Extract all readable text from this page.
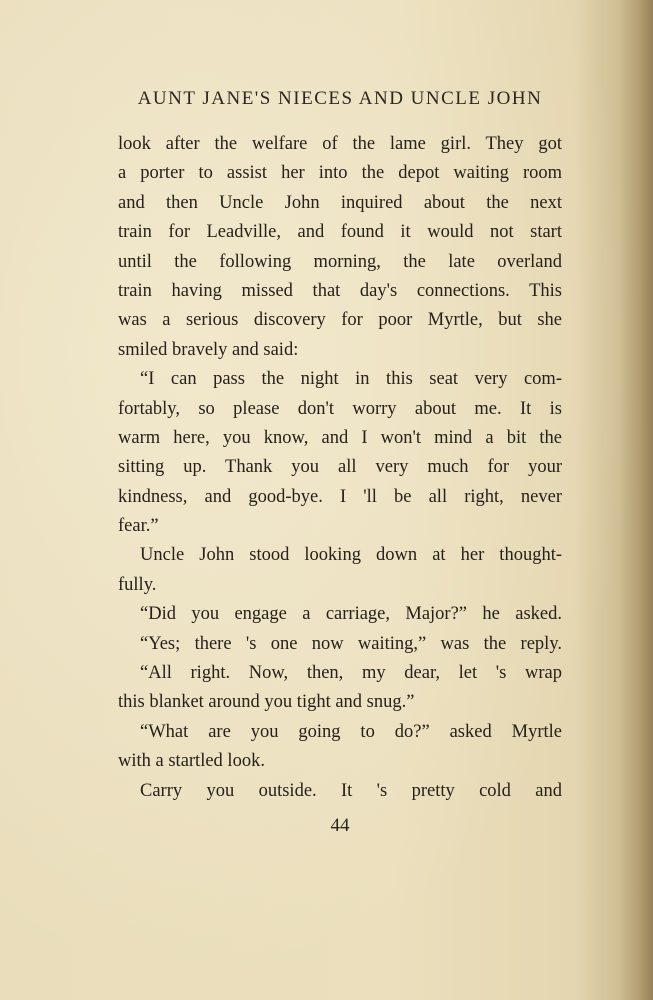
AUNT JANE'S NIECES AND UNCLE JOHN
look after the welfare of the lame girl. They got
a porter to assist her into the depot waiting room
and then Uncle John inquired about the next
train for Leadville, and found it would not start
until the following morning, the late overland
train having missed that day's connections. This
was a serious discovery for poor Myrtle, but she
smiled bravely and said:
“I can pass the night in this seat very com-
fortably, so please don't worry about me. It is
warm here, you know, and I won't mind a bit the
sitting up. Thank you all very much for your
kindness, and good-bye. I 'll be all right, never
fear.”
Uncle John stood looking down at her thought-
fully.
“Did you engage a carriage, Major?” he asked.
“Yes; there 's one now waiting,” was the reply.
“All right. Now, then, my dear, let 's wrap
this blanket around you tight and snug.”
“What are you going to do?” asked Myrtle
with a startled look.
Carry you outside. It 's pretty cold and
44
